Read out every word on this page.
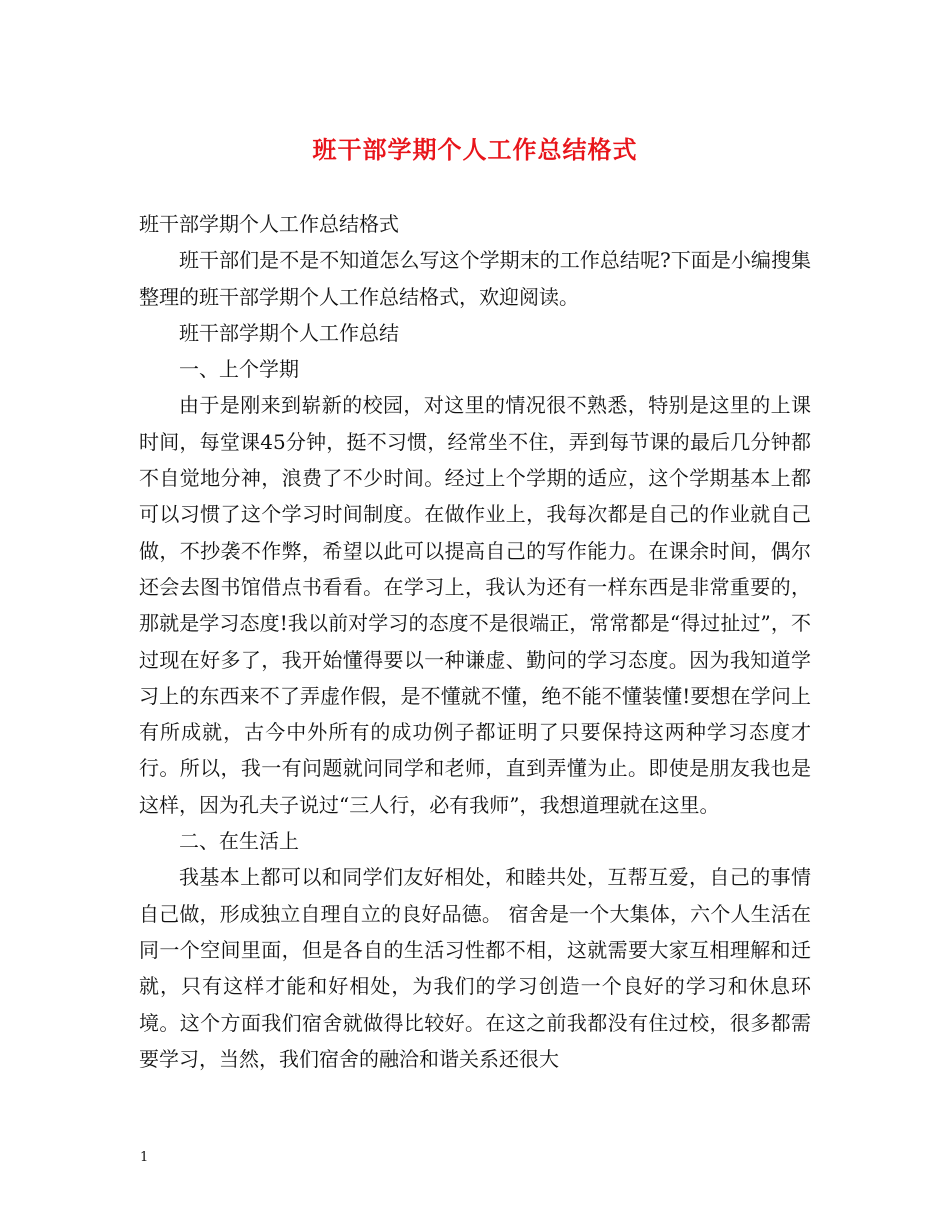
班干部学期个人工作总结格式

班干部学期个人工作总结格式

班干部们是不是不知道怎么写这个学期末的工作总结呢?下面是小编搜集整理的班干部学期个人工作总结格式，欢迎阅读。

班干部学期个人工作总结

一、上个学期

由于是刚来到崭新的校园，对这里的情况很不熟悉，特别是这里的上课时间，每堂课45分钟，挺不习惯，经常坐不住，弄到每节课的最后几分钟都不自觉地分神，浪费了不少时间。经过上个学期的适应，这个学期基本上都可以习惯了这个学习时间制度。在做作业上，我每次都是自己的作业就自己做，不抄袭不作弊，希望以此可以提高自己的写作能力。在课余时间，偶尔还会去图书馆借点书看看。在学习上，我认为还有一样东西是非常重要的，那就是学习态度!我以前对学习的态度不是很端正，常常都是“得过扯过”，不过现在好多了，我开始懂得要以一种谦虚、勤问的学习态度。因为我知道学习上的东西来不了弄虚作假，是不懂就不懂，绝不能不懂装懂!要想在学问上有所成就，古今中外所有的成功例子都证明了只要保持这两种学习态度才行。所以，我一有问题就问同学和老师，直到弄懂为止。即使是朋友我也是这样，因为孔夫子说过“三人行，必有我师”，我想道理就在这里。

二、在生活上

我基本上都可以和同学们友好相处，和睦共处，互帮互爱，自己的事情自己做，形成独立自理自立的良好品德。 宿舍是一个大集体，六个人生活在同一个空间里面，但是各自的生活习性都不相，这就需要大家互相理解和迁就，只有这样才能和好相处，为我们的学习创造一个良好的学习和休息环境。这个方面我们宿舍就做得比较好。在这之前我都没有住过校，很多都需要学习，当然，我们宿舍的融洽和谐关系还很大

1
